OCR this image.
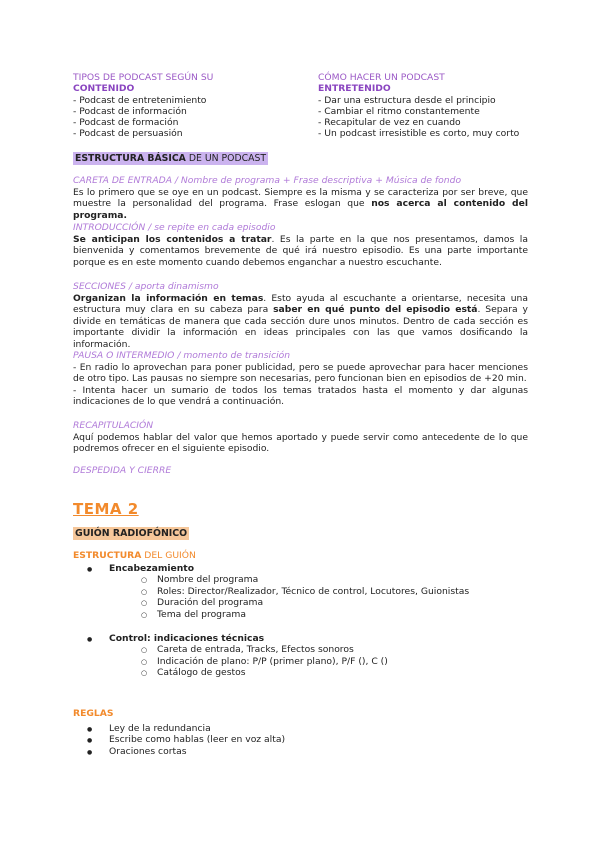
TIPOS DE PODCAST SEGÚN SU
CONTENIDO
- Podcast de entretenimiento
- Podcast de información
- Podcast de formación
- Podcast de persuasión
CÓMO HACER UN PODCAST
ENTRETENIDO
- Dar una estructura desde el principio
- Cambiar el ritmo constantemente
- Recapitular de vez en cuando
- Un podcast irresistible es corto, muy corto
ESTRUCTURA BÁSICA DE UN PODCAST

CARETA DE ENTRADA / Nombre de programa + Frase descriptiva + Música de fondo

Es lo primero que se oye en un podcast. Siempre es la misma y se caracteriza por ser breve, que muestre la personalidad del programa. Frase eslogan que nos acerca al contenido del programa.

INTRODUCCIÓN / se repite en cada episodio

Se anticipan los contenidos a tratar. Es la parte en la que nos presentamos, damos la bienvenida y comentamos brevemente de qué irá nuestro episodio. Es una parte importante porque es en este momento cuando debemos enganchar a nuestro escuchante.

SECCIONES / aporta dinamismo

Organizan la información en temas. Esto ayuda al escuchante a orientarse, necesita una estructura muy clara en su cabeza para saber en qué punto del episodio está. Separa y divide en temáticas de manera que cada sección dure unos minutos. Dentro de cada sección es importante dividir la información en ideas principales con las que vamos dosificando la información.

PAUSA O INTERMEDIO / momento de transición

- En radio lo aprovechan para poner publicidad, pero se puede aprovechar para hacer menciones de otro tipo. Las pausas no siempre son necesarias, pero funcionan bien en episodios de +20 min.

- Intenta hacer un sumario de todos los temas tratados hasta el momento y dar algunas indicaciones de lo que vendrá a continuación.

RECAPITULACIÓN

Aquí podemos hablar del valor que hemos aportado y puede servir como antecedente de lo que podremos ofrecer en el siguiente episodio.

DESPEDIDA Y CIERRE

TEMA 2
GUIÓN RADIOFÓNICO

ESTRUCTURA DEL GUIÓN

● Encabezamiento
○ Nombre del programa
○ Roles: Director/Realizador, Técnico de control, Locutores, Guionistas
○ Duración del programa
○ Tema del programa
● Control: indicaciones técnicas
○ Careta de entrada, Tracks, Efectos sonoros
○ Indicación de plano: P/P (primer plano), P/F (), C ()
○ Catálogo de gestos

REGLAS

● Ley de la redundancia
● Escribe como hablas (leer en voz alta)
● Oraciones cortas
